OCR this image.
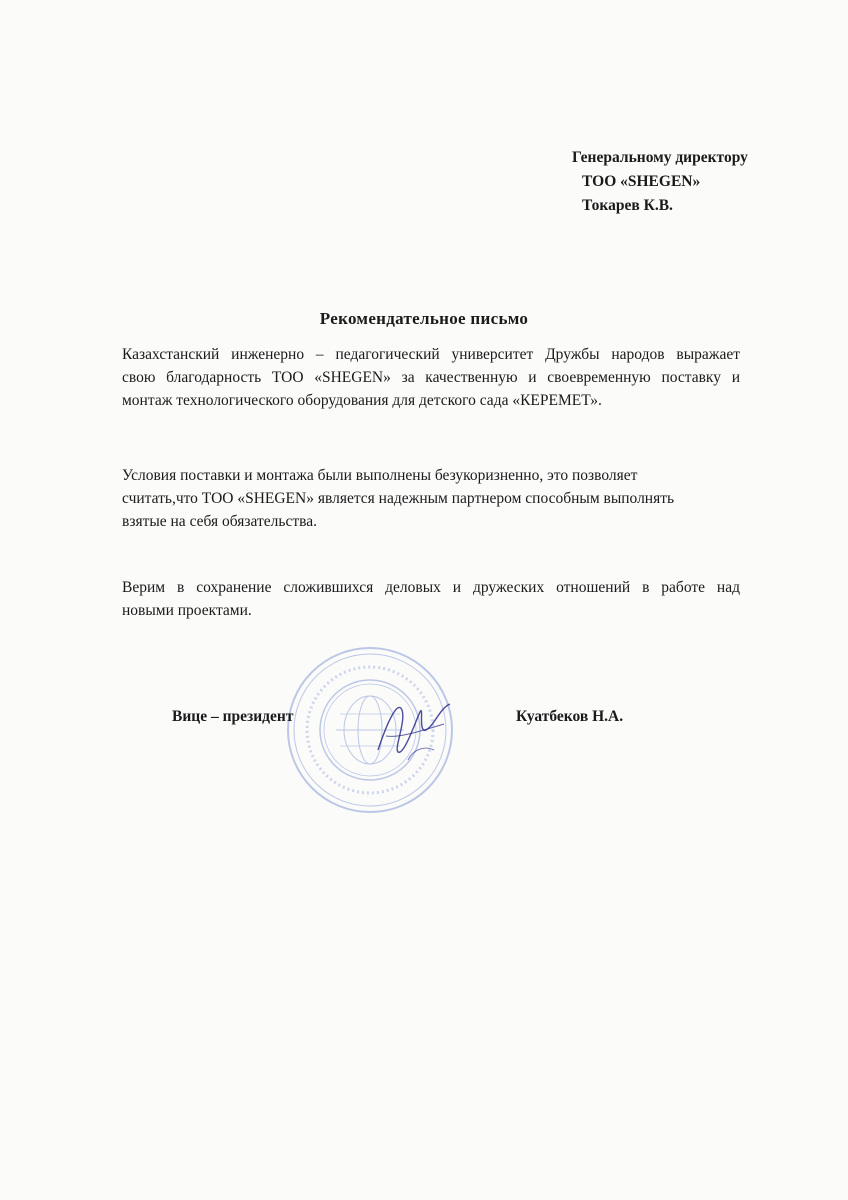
Генеральному директору
ТОО «SHEGEN»
Токарев К.В.
Рекомендательное письмо
Казахстанский инженерно – педагогический университет Дружбы народов выражает
свою благодарность ТОО «SHEGEN» за качественную и своевременную поставку и
монтаж технологического оборудования для детского сада «КЕРЕМЕТ».
Условия поставки и монтажа были выполнены безукоризненно, это позволяет
считать,что ТОО «SHEGEN» является надежным партнером способным выполнять
взятые на себя обязательства.
Верим в сохранение сложившихся деловых и дружеских отношений в работе над
новыми проектами.
Вице – президент	Куатбеков Н.А.
